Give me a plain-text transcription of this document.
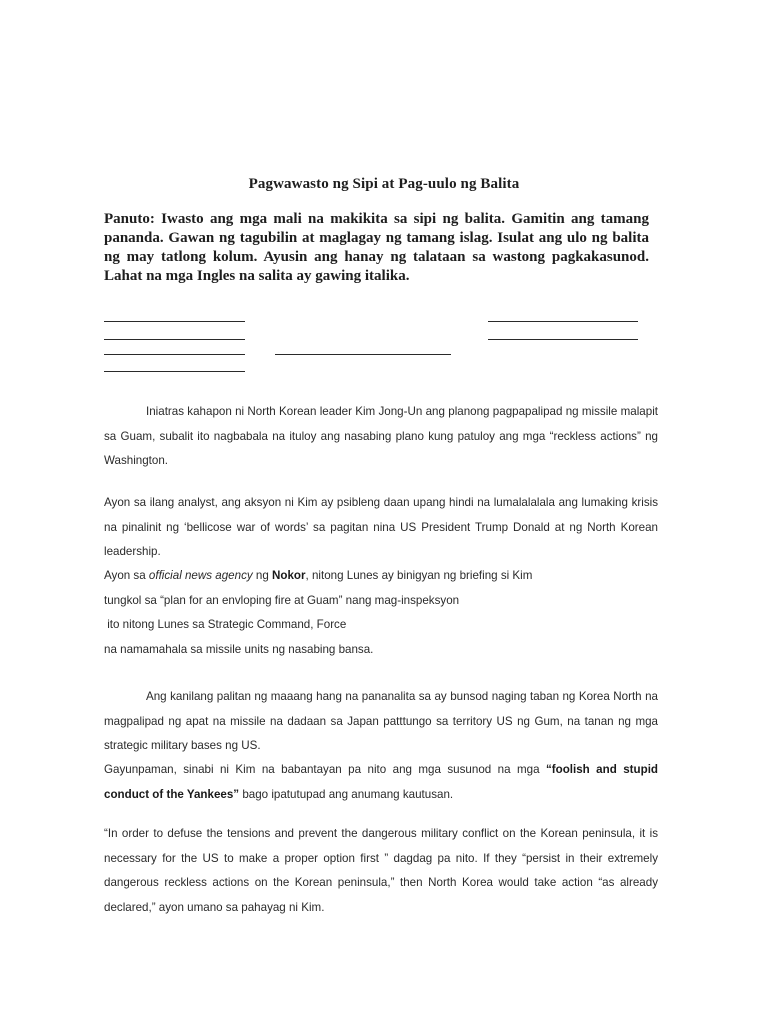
Pagwawasto ng Sipi at Pag-uulo ng Balita
Panuto: Iwasto ang mga mali na makikita sa sipi ng balita. Gamitin ang tamang pananda. Gawan ng tagubilin at maglagay ng tamang islag. Isulat ang ulo ng balita ng may tatlong kolum. Ayusin ang hanay ng talataan sa wastong pagkakasunod. Lahat na mga Ingles na salita ay gawing italika.

Iniatras kahapon ni North Korean leader Kim Jong-Un ang planong pagpapalipad ng missile malapit sa Guam, subalit ito nagbabala na ituloy ang nasabing plano kung patuloy ang mga “reckless actions” ng Washington.

Ayon sa ilang analyst, ang aksyon ni Kim ay psibleng daan upang hindi na lumalalalala ang lumaking krisis na pinalinit ng ‘bellicose war of words’ sa pagitan nina US President Trump Donald at ng North Korean leadership.

Ayon sa official news agency ng Nokor, nitong Lunes ay binigyan ng briefing si Kim
tungkol sa “plan for an envloping fire at Guam” nang mag-inspeksyon
ito nitong Lunes sa Strategic Command, Force
na namamahala sa missile units ng nasabing bansa.

Ang kanilang palitan ng maaang hang na pananalita sa ay bunsod naging taban ng Korea North na magpalipad ng apat na missile na dadaan sa Japan patttungo sa territory US ng Gum, na tanan ng mga strategic military bases ng US.

Gayunpaman, sinabi ni Kim na babantayan pa nito ang mga susunod na mga “foolish and stupid conduct of the Yankees” bago ipatutupad ang anumang kautusan.

“In order to defuse the tensions and prevent the dangerous military conflict on the Korean peninsula, it is necessary for the US to make a proper option first ” dagdag pa nito. If they “persist in their extremely dangerous reckless actions on the Korean peninsula,” then North Korea would take action “as already declared,” ayon umano sa pahayag ni Kim.
